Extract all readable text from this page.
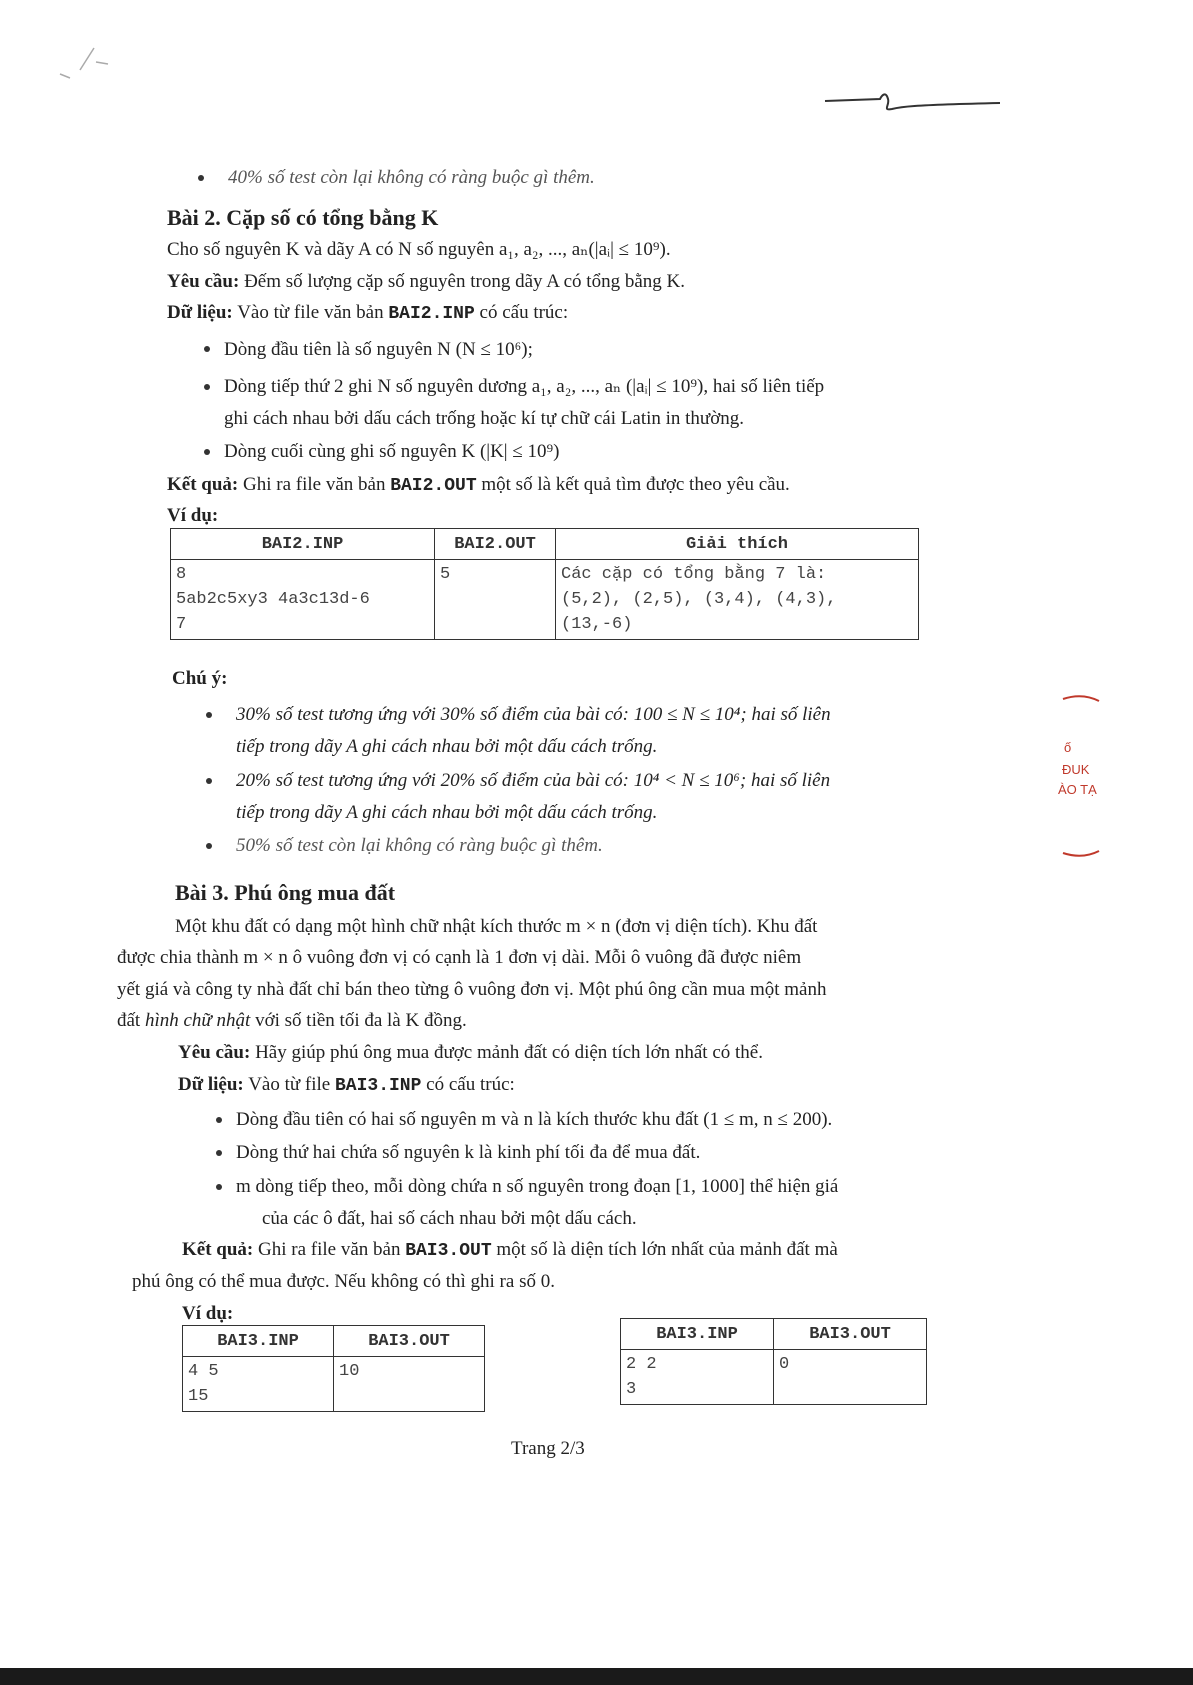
40% số test còn lại không có ràng buộc gì thêm.
Bài 2. Cặp số có tổng bằng K
Cho số nguyên K và dãy A có N số nguyên a₁, a₂, ..., aₙ(|aᵢ| ≤ 10⁹).
Yêu cầu: Đếm số lượng cặp số nguyên trong dãy A có tổng bằng K.
Dữ liệu: Vào từ file văn bản BAI2.INP có cấu trúc:
Dòng đầu tiên là số nguyên N (N ≤ 10⁶);
Dòng tiếp thứ 2 ghi N số nguyên dương a₁, a₂, ..., aₙ (|aᵢ| ≤ 10⁹), hai số liên tiếp
ghi cách nhau bởi dấu cách trống hoặc kí tự chữ cái Latin in thường.
Dòng cuối cùng ghi số nguyên K (|K| ≤ 10⁹)
Kết quả: Ghi ra file văn bản BAI2.OUT một số là kết quả tìm được theo yêu cầu.
Ví dụ:
BAI2.INP	BAI2.OUT	Giải thích
8
5ab2c5xy3 4a3c13d-6
7	5	Các cặp có tổng bằng 7 là:
(5,2), (2,5), (3,4), (4,3),
(13,-6)
Chú ý:
30% số test tương ứng với 30% số điểm của bài có: 100 ≤ N ≤ 10⁴; hai số liên
tiếp trong dãy A ghi cách nhau bởi một dấu cách trống.
20% số test tương ứng với 20% số điểm của bài có: 10⁴ < N ≤ 10⁶; hai số liên
tiếp trong dãy A ghi cách nhau bởi một dấu cách trống.
50% số test còn lại không có ràng buộc gì thêm.
Bài 3. Phú ông mua đất
Một khu đất có dạng một hình chữ nhật kích thước m × n (đơn vị diện tích). Khu đất
được chia thành m × n ô vuông đơn vị có cạnh là 1 đơn vị dài. Mỗi ô vuông đã được niêm
yết giá và công ty nhà đất chỉ bán theo từng ô vuông đơn vị. Một phú ông cần mua một mảnh
đất hình chữ nhật với số tiền tối đa là K đồng.
Yêu cầu: Hãy giúp phú ông mua được mảnh đất có diện tích lớn nhất có thể.
Dữ liệu: Vào từ file BAI3.INP có cấu trúc:
Dòng đầu tiên có hai số nguyên m và n là kích thước khu đất (1 ≤ m, n ≤ 200).
Dòng thứ hai chứa số nguyên k là kinh phí tối đa để mua đất.
m dòng tiếp theo, mỗi dòng chứa n số nguyên trong đoạn [1, 1000] thể hiện giá
của các ô đất, hai số cách nhau bởi một dấu cách.
Kết quả: Ghi ra file văn bản BAI3.OUT một số là diện tích lớn nhất của mảnh đất mà
phú ông có thể mua được. Nếu không có thì ghi ra số 0.
Ví dụ:
BAI3.INP	BAI3.OUT
4 5
15	10
BAI3.INP	BAI3.OUT
2 2
3	0
Trang 2/3
ố
ĐUK
ÀO TẠ
